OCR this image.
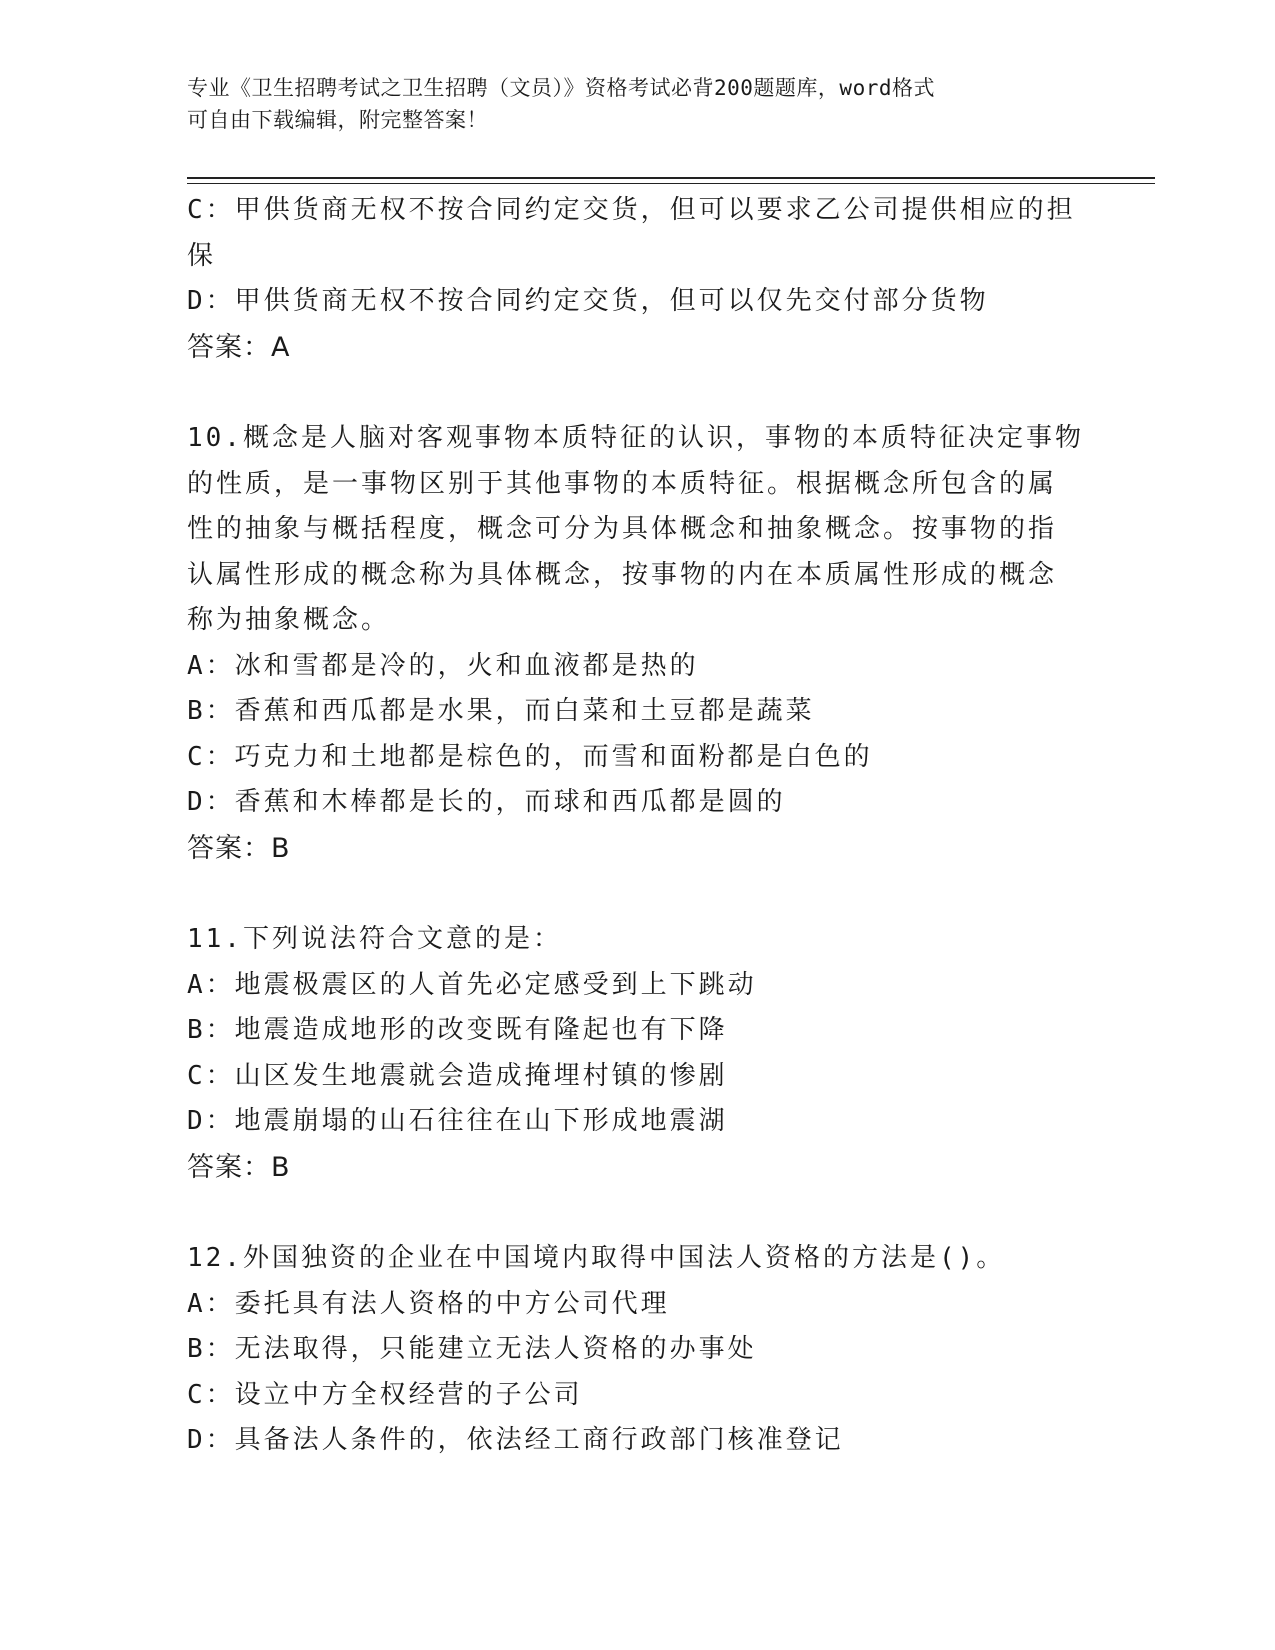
专业《卫生招聘考试之卫生招聘（文员）》资格考试必背200题题库，word格式
可自由下载编辑，附完整答案！
C：甲供货商无权不按合同约定交货，但可以要求乙公司提供相应的担
保
D：甲供货商无权不按合同约定交货，但可以仅先交付部分货物
答案：A
10.概念是人脑对客观事物本质特征的认识，事物的本质特征决定事物
的性质，是一事物区别于其他事物的本质特征。根据概念所包含的属
性的抽象与概括程度，概念可分为具体概念和抽象概念。按事物的指
认属性形成的概念称为具体概念，按事物的内在本质属性形成的概念
称为抽象概念。
A：冰和雪都是冷的，火和血液都是热的
B：香蕉和西瓜都是水果，而白菜和土豆都是蔬菜
C：巧克力和土地都是棕色的，而雪和面粉都是白色的
D：香蕉和木棒都是长的，而球和西瓜都是圆的
答案：B
11.下列说法符合文意的是：
A：地震极震区的人首先必定感受到上下跳动
B：地震造成地形的改变既有隆起也有下降
C：山区发生地震就会造成掩埋村镇的惨剧
D：地震崩塌的山石往往在山下形成地震湖
答案：B
12.外国独资的企业在中国境内取得中国法人资格的方法是()。
A：委托具有法人资格的中方公司代理
B：无法取得，只能建立无法人资格的办事处
C：设立中方全权经营的子公司
D：具备法人条件的，依法经工商行政部门核准登记
